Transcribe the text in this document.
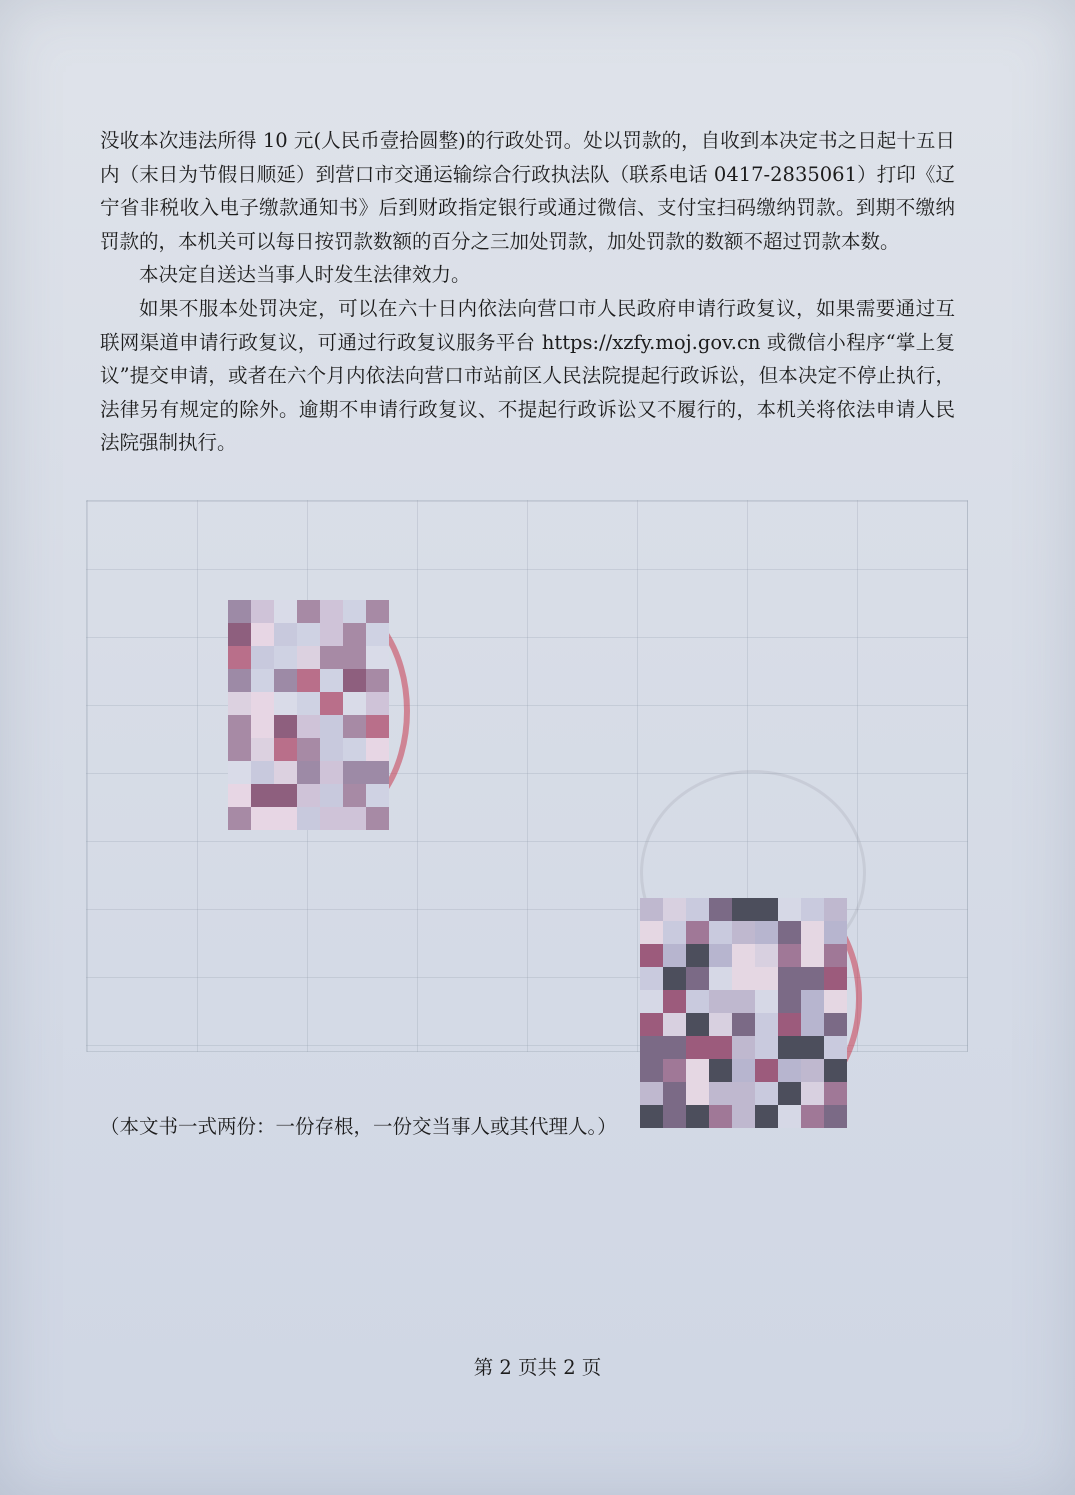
没收本次违法所得 10 元(人民币壹拾圆整)的行政处罚。处以罚款的，自收到本决定书之日起十五日内（末日为节假日顺延）到营口市交通运输综合行政执法队（联系电话 0417-2835061）打印《辽宁省非税收入电子缴款通知书》后到财政指定银行或通过微信、支付宝扫码缴纳罚款。到期不缴纳罚款的，本机关可以每日按罚款数额的百分之三加处罚款，加处罚款的数额不超过罚款本数。

本决定自送达当事人时发生法律效力。

如果不服本处罚决定，可以在六十日内依法向营口市人民政府申请行政复议，如果需要通过互联网渠道申请行政复议，可通过行政复议服务平台 https://xzfy.moj.gov.cn 或微信小程序“掌上复议”提交申请，或者在六个月内依法向营口市站前区人民法院提起行政诉讼，但本决定不停止执行，法律另有规定的除外。逾期不申请行政复议、不提起行政诉讼又不履行的，本机关将依法申请人民法院强制执行。

（本文书一式两份：一份存根，一份交当事人或其代理人。）
第 2 页共 2 页
